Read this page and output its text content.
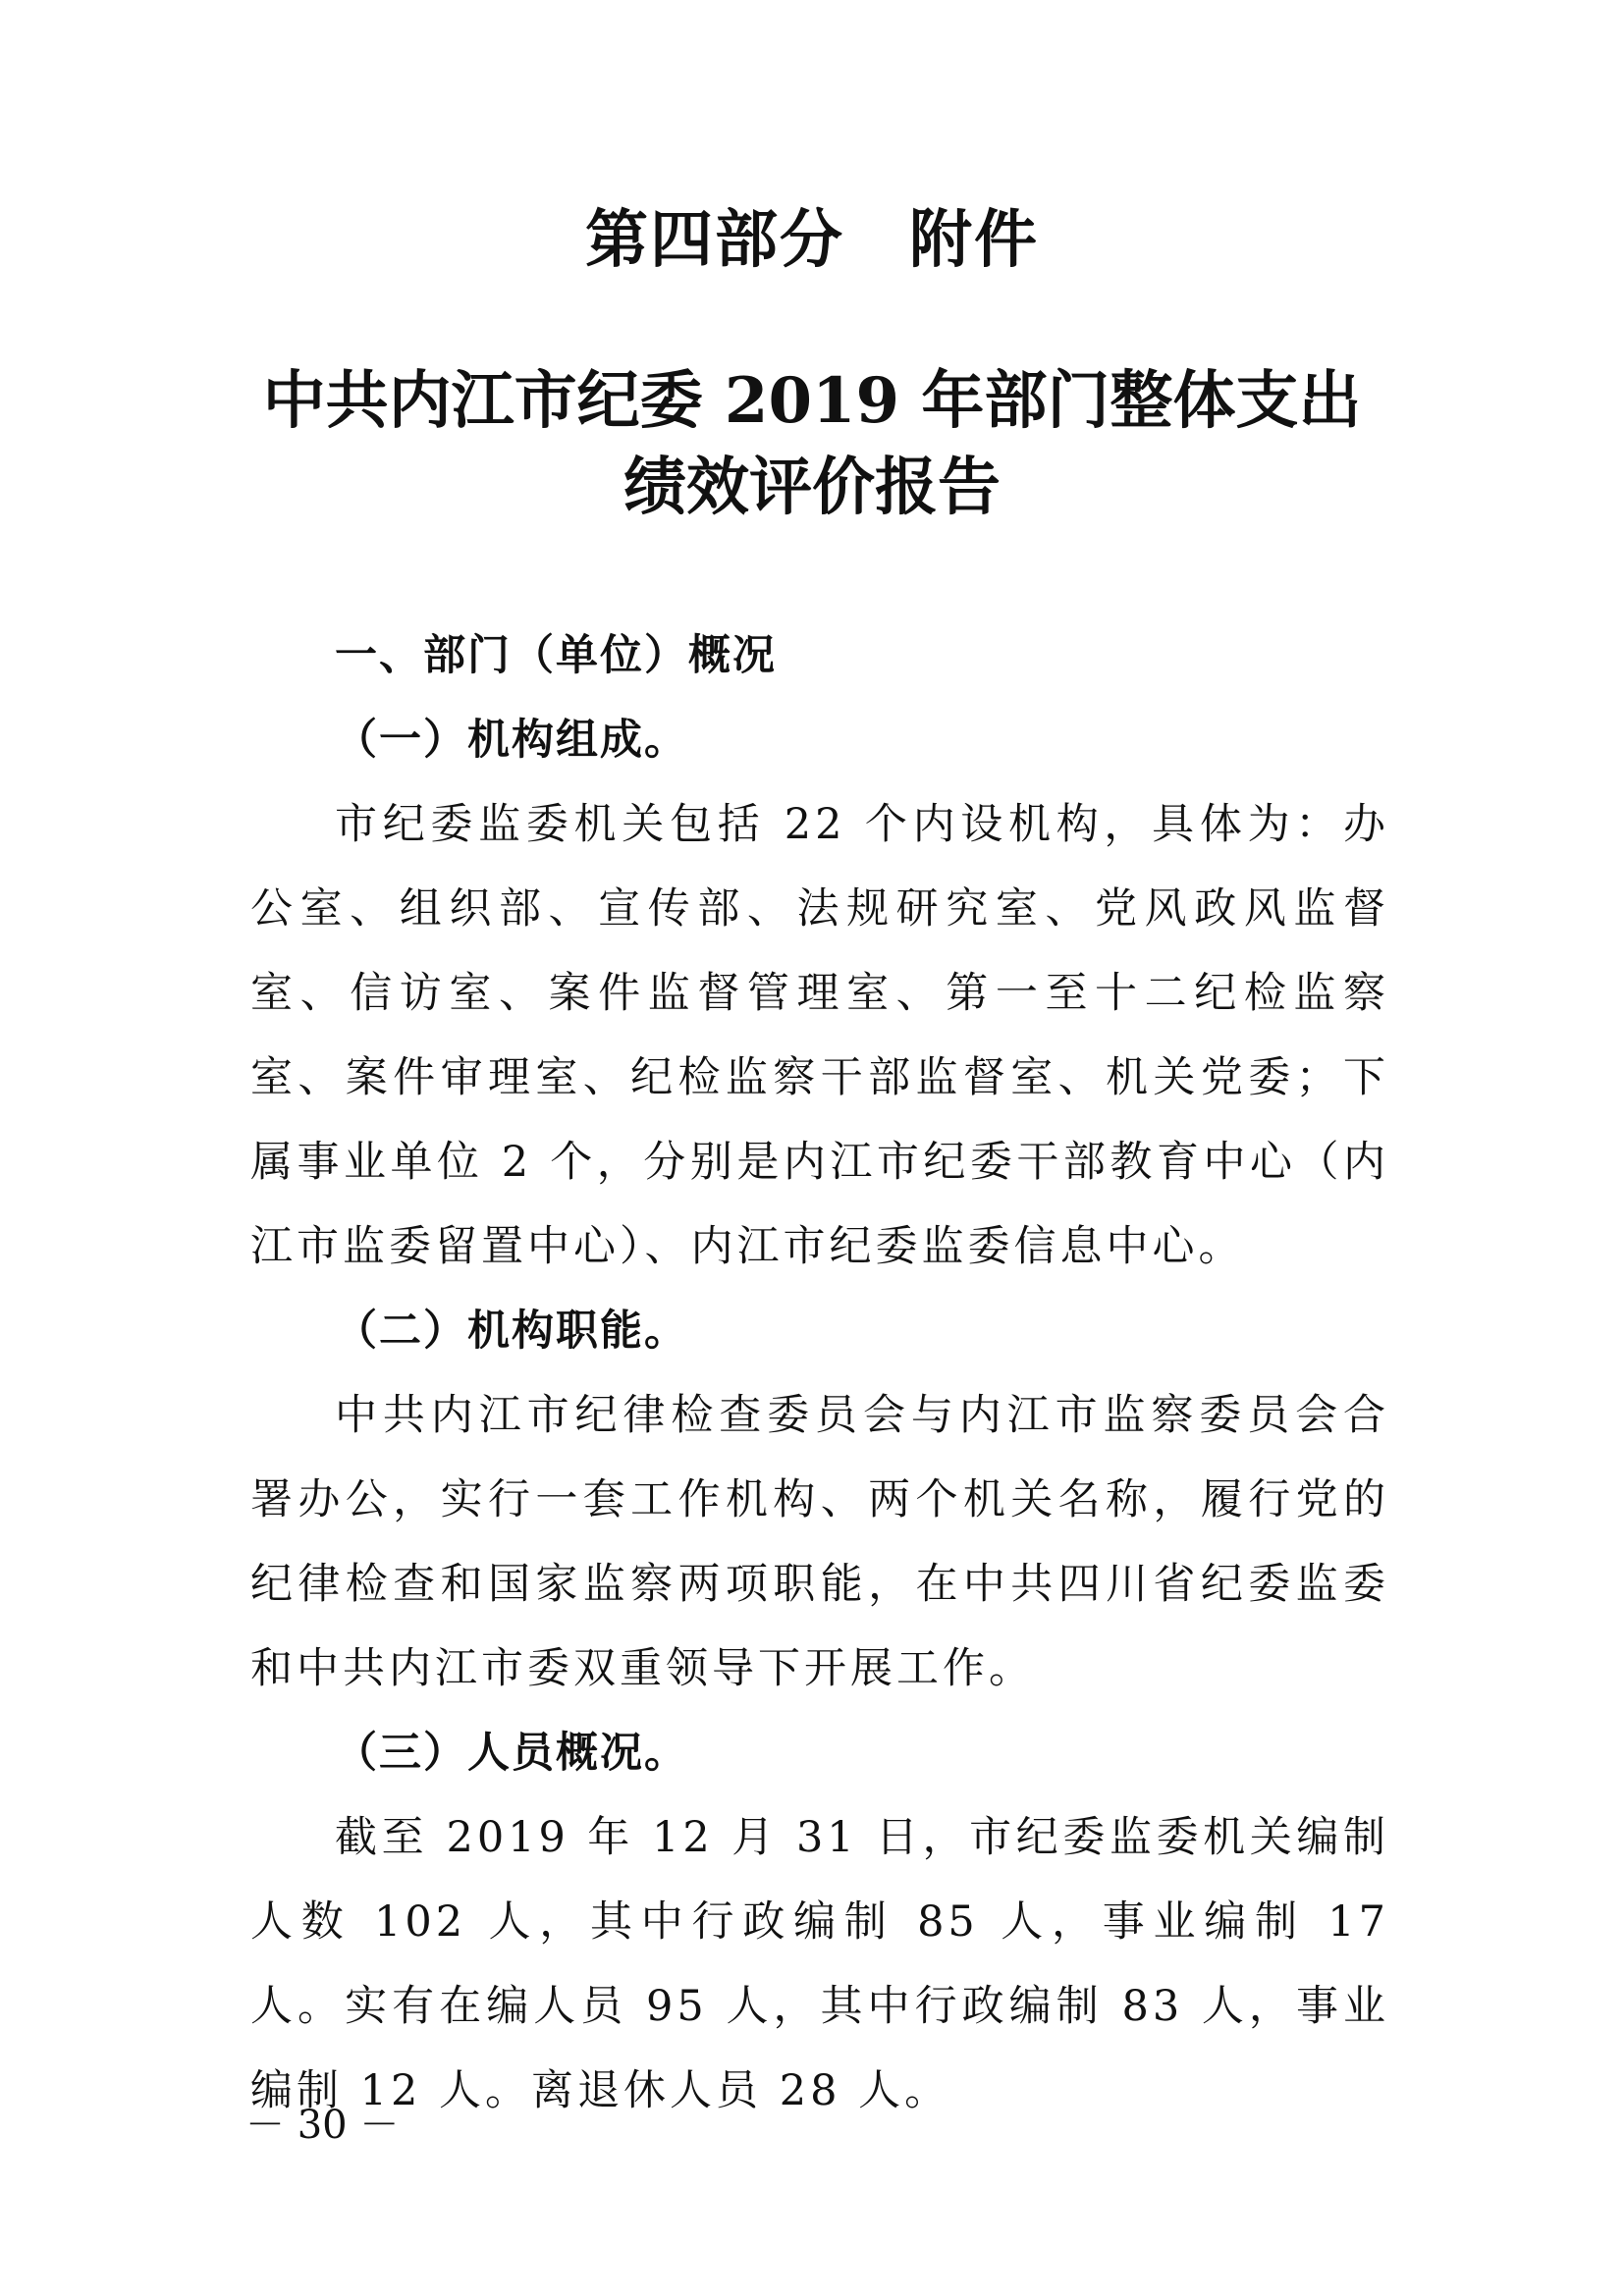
第四部分　附件
中共内江市纪委 2019 年部门整体支出
绩效评价报告

一、部门（单位）概况

（一）机构组成。

市纪委监委机关包括 22 个内设机构，具体为：办公室、组织部、宣传部、法规研究室、党风政风监督室、信访室、案件监督管理室、第一至十二纪检监察室、案件审理室、纪检监察干部监督室、机关党委；下属事业单位 2 个，分别是内江市纪委干部教育中心（内江市监委留置中心）、内江市纪委监委信息中心。

（二）机构职能。

中共内江市纪律检查委员会与内江市监察委员会合署办公，实行一套工作机构、两个机关名称，履行党的纪律检查和国家监察两项职能，在中共四川省纪委监委和中共内江市委双重领导下开展工作。

（三）人员概况。

截至 2019 年 12 月 31 日，市纪委监委机关编制人数 102 人，其中行政编制 85 人，事业编制 17 人。实有在编人员 95 人，其中行政编制 83 人，事业编制 12 人。离退休人员 28 人。

－ 30 －
